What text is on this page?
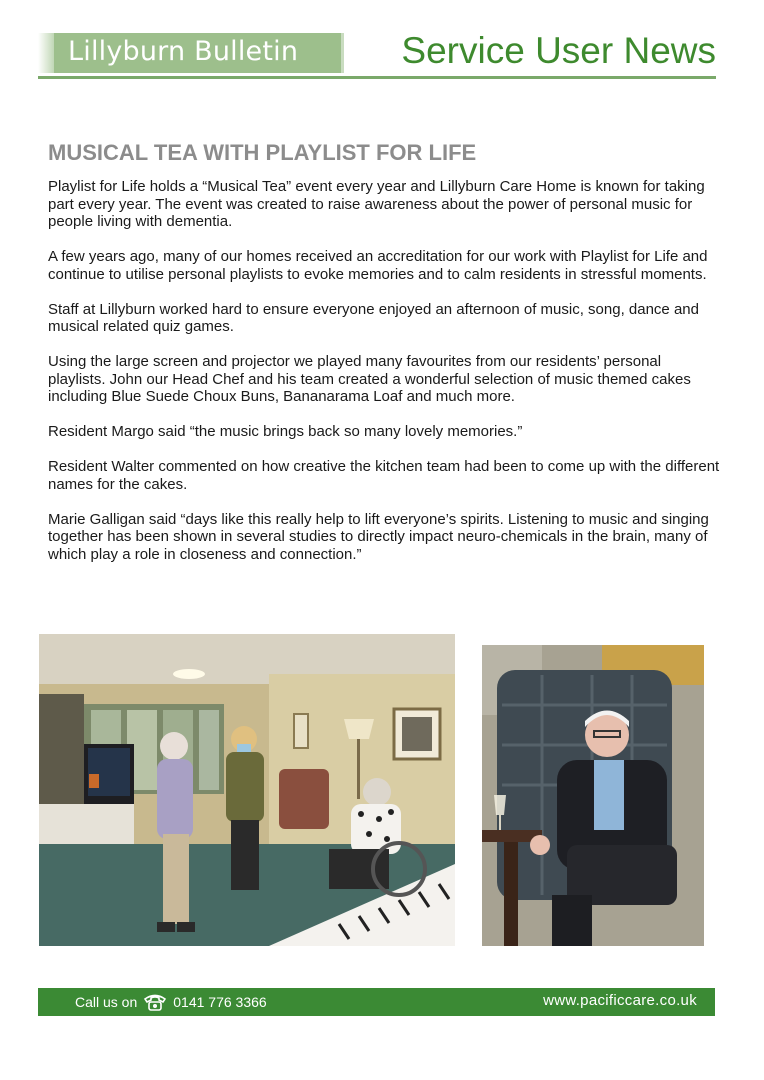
Lillyburn Bulletin	Service User News
MUSICAL TEA WITH PLAYLIST FOR LIFE

Playlist for Life holds a “Musical Tea” event every year and Lillyburn Care Home is known for taking part every year. The event was created to raise awareness about the power of personal music for people living with dementia.

A few years ago, many of our homes received an accreditation for our work with Playlist for Life and continue to utilise personal playlists to evoke memories and to calm residents in stressful moments.

Staff at Lillyburn worked hard to ensure everyone enjoyed an afternoon of music, song, dance and musical related quiz games.

Using the large screen and projector we played many favourites from our residents’ personal playlists. John our Head Chef and his team created a wonderful selection of music themed cakes including Blue Suede Choux Buns, Bananarama Loaf and much more.

Resident Margo said “the music brings back so many lovely memories.”

Resident Walter commented on how creative the kitchen team had been to come up with the different names for the cakes.

Marie Galligan said “days like this really help to lift everyone’s spirits. Listening to music and singing together has been shown in several studies to directly impact neuro-chemicals in the brain, many of which play a role in closeness and connection.”

Call us on	0141 776 3366	www.pacificcare.co.uk
